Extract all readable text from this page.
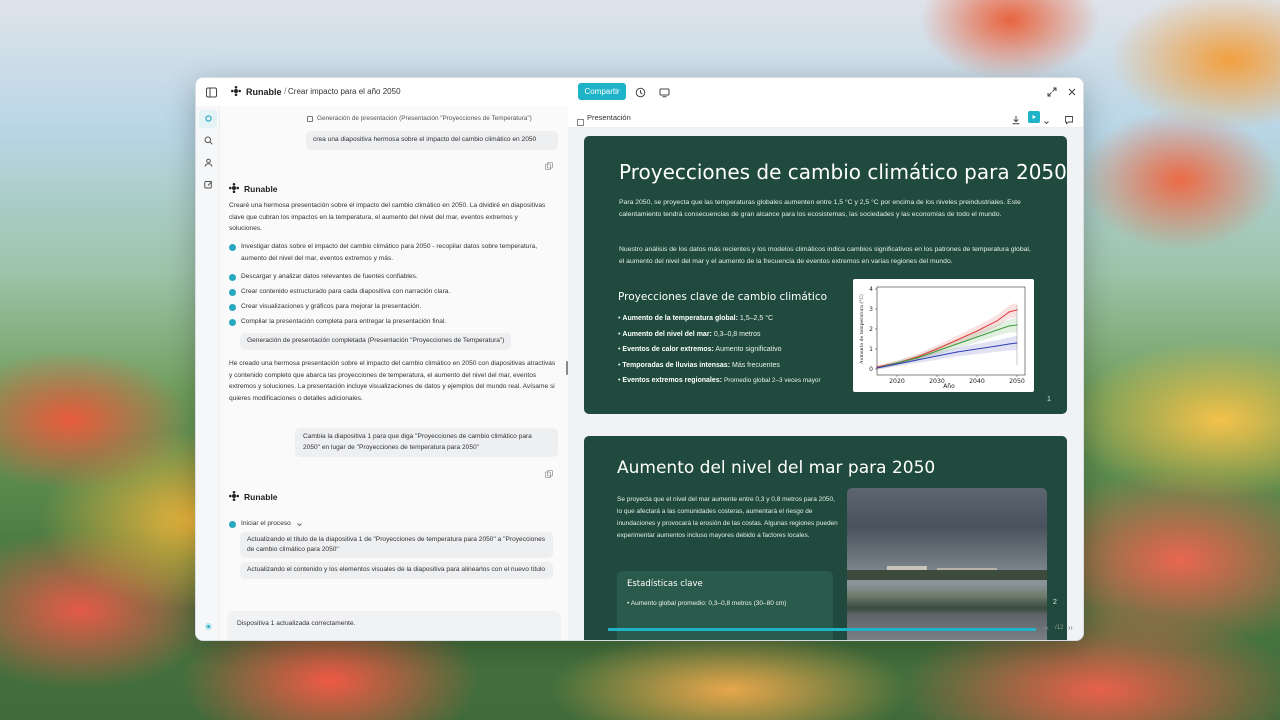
Runable / Crear impacto para el año 2050	Compartir
Generación de presentación (Presentación "Proyecciones de Temperatura")
crea una diapositiva hermosa sobre el impacto del cambio climático en 2050
Runable
Crearé una hermosa presentación sobre el impacto del cambio climático en 2050. La dividiré en diapositivas clave que cubran los impactos en la temperatura, el aumento del nivel del mar, eventos extremos y soluciones.
Investigar datos sobre el impacto del cambio climático para 2050 - recopilar datos sobre temperatura, aumento del nivel del mar, eventos extremos y más.
Descargar y analizar datos relevantes de fuentes confiables.
Crear contenido estructurado para cada diapositiva con narración clara.
Crear visualizaciones y gráficos para mejorar la presentación.
Compilar la presentación completa para entregar la presentación final.
Generación de presentación completada (Presentación "Proyecciones de Temperatura")
He creado una hermosa presentación sobre el impacto del cambio climático en 2050 con diapositivas atractivas y contenido completo que abarca las proyecciones de temperatura, el aumento del nivel del mar, eventos extremos y soluciones. La presentación incluye visualizaciones de datos y ejemplos del mundo real. Avísame si quieres modificaciones o detalles adicionales.
Cambia la diapositiva 1 para que diga "Proyecciones de cambio climático para 2050" en lugar de "Proyecciones de temperatura para 2050"
Runable
Iniciar el proceso
Actualizando el título de la diapositiva 1 de "Proyecciones de temperatura para 2050" a "Proyecciones de cambio climático para 2050"
Actualizando el contenido y los elementos visuales de la diapositiva para alinearlos con el nuevo título
Dispositiva 1 actualizada correctamente.
Presentación
Proyecciones de cambio climático para 2050
Para 2050, se proyecta que las temperaturas globales aumenten entre 1,5 °C y 2,5 °C por encima de los niveles preindustriales. Este calentamiento tendrá consecuencias de gran alcance para los ecosistemas, las sociedades y las economías de todo el mundo.
Nuestro análisis de los datos más recientes y los modelos climáticos indica cambios significativos en los patrones de temperatura global, el aumento del nivel del mar y el aumento de la frecuencia de eventos extremos en varias regiones del mundo.
Proyecciones clave de cambio climático
• Aumento de la temperatura global: 1,5–2,5 °C
• Aumento del nivel del mar: 0,3–0,8 metros
• Eventos de calor extremos: Aumento significativo
• Temporadas de lluvias intensas: Más frecuentes
• Eventos extremos regionales: Promedio global 2–3 veces mayor	2020	2030	2040	2050
0
1
2
3
4
Año
Aumento de temperatura (°C)
1
Aumento del nivel del mar para 2050
Se proyecta que el nivel del mar aumente entre 0,3 y 0,8 metros para 2050, lo que afectará a las comunidades costeras, aumentará el riesgo de inundaciones y provocará la erosión de las costas. Algunas regiones pueden experimentar aumentos incluso mayores debido a factores locales.
Estadísticas clave
• Aumento global promedio: 0,3–0,8 metros (30–80 cm)	2
‹‹ /12 ››
